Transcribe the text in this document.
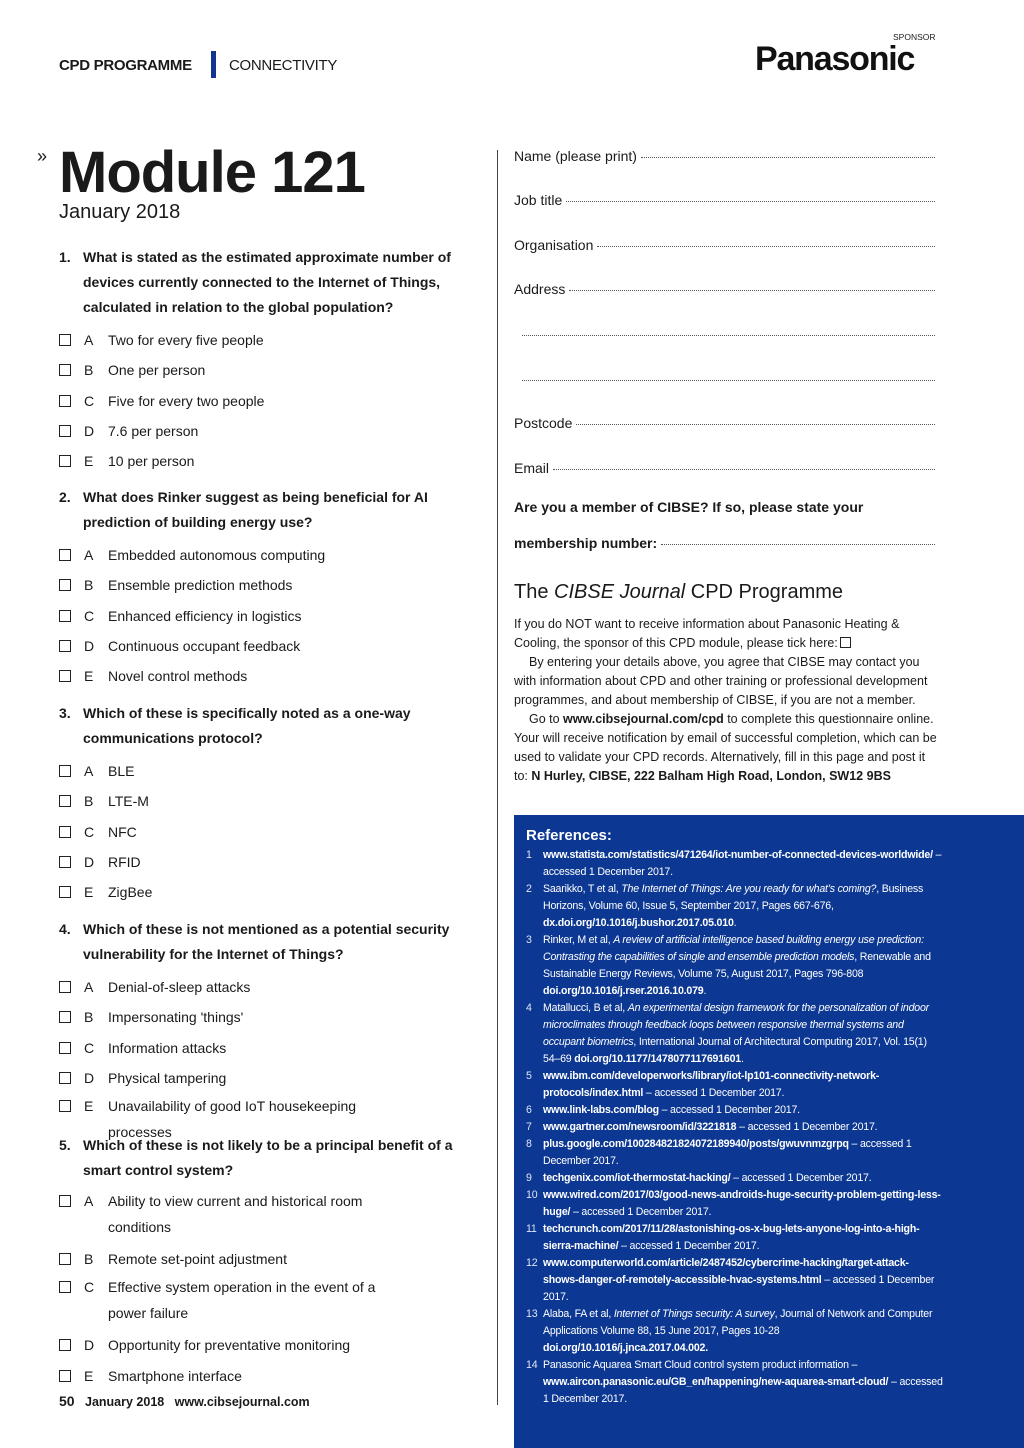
CPD PROGRAMME CONNECTIVITY
SPONSOR
Panasonic
» Module 121
January 2018
1. What is stated as the estimated approximate number of devices currently connected to the Internet of Things, calculated in relation to the global population?
A	Two for every five people
B	One per person
C Five for every two people
D 7.6 per person
E	10 per person
2. What does Rinker suggest as being beneficial for AI prediction of building energy use?
A	Embedded autonomous computing
B	Ensemble prediction methods
C Enhanced efficiency in logistics
D Continuous occupant feedback
E	Novel control methods
3. Which of these is specifically noted as a one-way communications protocol?
A	BLE
B	LTE-M
C NFC
D RFID
E	ZigBee
4. Which of these is not mentioned as a potential security vulnerability for the Internet of Things?
A	Denial-of-sleep attacks
B	Impersonating 'things'
C Information attacks
D Physical tampering
E	Unavailability of good IoT housekeeping processes
5. Which of these is not likely to be a principal benefit of a smart control system?
A	Ability to view current and historical room conditions
B	Remote set-point adjustment
C Effective system operation in the event of a power failure
D Opportunity for preventative monitoring
E	Smartphone interface
Name (please print)
Job title
Organisation
Address

Postcode
Email
Are you a member of CIBSE? If so, please state your
membership number:
The CIBSE Journal CPD Programme

If you do NOT want to receive information about Panasonic Heating & Cooling, the sponsor of this CPD module, please tick here:

By entering your details above, you agree that CIBSE may contact you with information about CPD and other training or professional development programmes, and about membership of CIBSE, if you are not a member.

Go to www.cibsejournal.com/cpd to complete this questionnaire online. Your will receive notification by email of successful completion, which can be used to validate your CPD records. Alternatively, fill in this page and post it to: N Hurley, CIBSE, 222 Balham High Road, London, SW12 9BS

References:
1	www.statista.com/statistics/471264/iot-number-of-connected-devices-worldwide/ – accessed 1 December 2017.
2	Saarikko, T et al, The Internet of Things: Are you ready for what’s coming?, Business Horizons, Volume 60, Issue 5, September 2017, Pages 667-676, dx.doi.org/10.1016/j.bushor.2017.05.010.
3	Rinker, M et al, A review of artificial intelligence based building energy use prediction: Contrasting the capabilities of single and ensemble prediction models, Renewable and Sustainable Energy Reviews, Volume 75, August 2017, Pages 796-808 doi.org/10.1016/j.rser.2016.10.079.
4	Matallucci, B et al, An experimental design framework for the personalization of indoor microclimates through feedback loops between responsive thermal systems and occupant biometrics, International Journal of Architectural Computing 2017, Vol. 15(1) 54–69 doi.org/10.1177/1478077117691601.
5	www.ibm.com/developerworks/library/iot-lp101-connectivity-network-protocols/index.html – accessed 1 December 2017.
6	www.link-labs.com/blog – accessed 1 December 2017.
7	www.gartner.com/newsroom/id/3221818 – accessed 1 December 2017.
8	plus.google.com/100284821824072189940/posts/gwuvnmzgrpq – accessed 1 December 2017.
9	techgenix.com/iot-thermostat-hacking/ – accessed 1 December 2017.
10 www.wired.com/2017/03/good-news-androids-huge-security-problem-getting-less-huge/ – accessed 1 December 2017.
11 techcrunch.com/2017/11/28/astonishing-os-x-bug-lets-anyone-log-into-a-high-sierra-machine/ – accessed 1 December 2017.
12 www.computerworld.com/article/2487452/cybercrime-hacking/target-attack-shows-danger-of-remotely-accessible-hvac-systems.html – accessed 1 December 2017.
13 Alaba, FA et al, Internet of Things security: A survey, Journal of Network and Computer Applications Volume 88, 15 June 2017, Pages 10-28 doi.org/10.1016/j.jnca.2017.04.002.
14 Panasonic Aquarea Smart Cloud control system product information – www.aircon.panasonic.eu/GB_en/happening/new-aquarea-smart-cloud/ – accessed 1 December 2017.
50 January 2018 www.cibsejournal.com
